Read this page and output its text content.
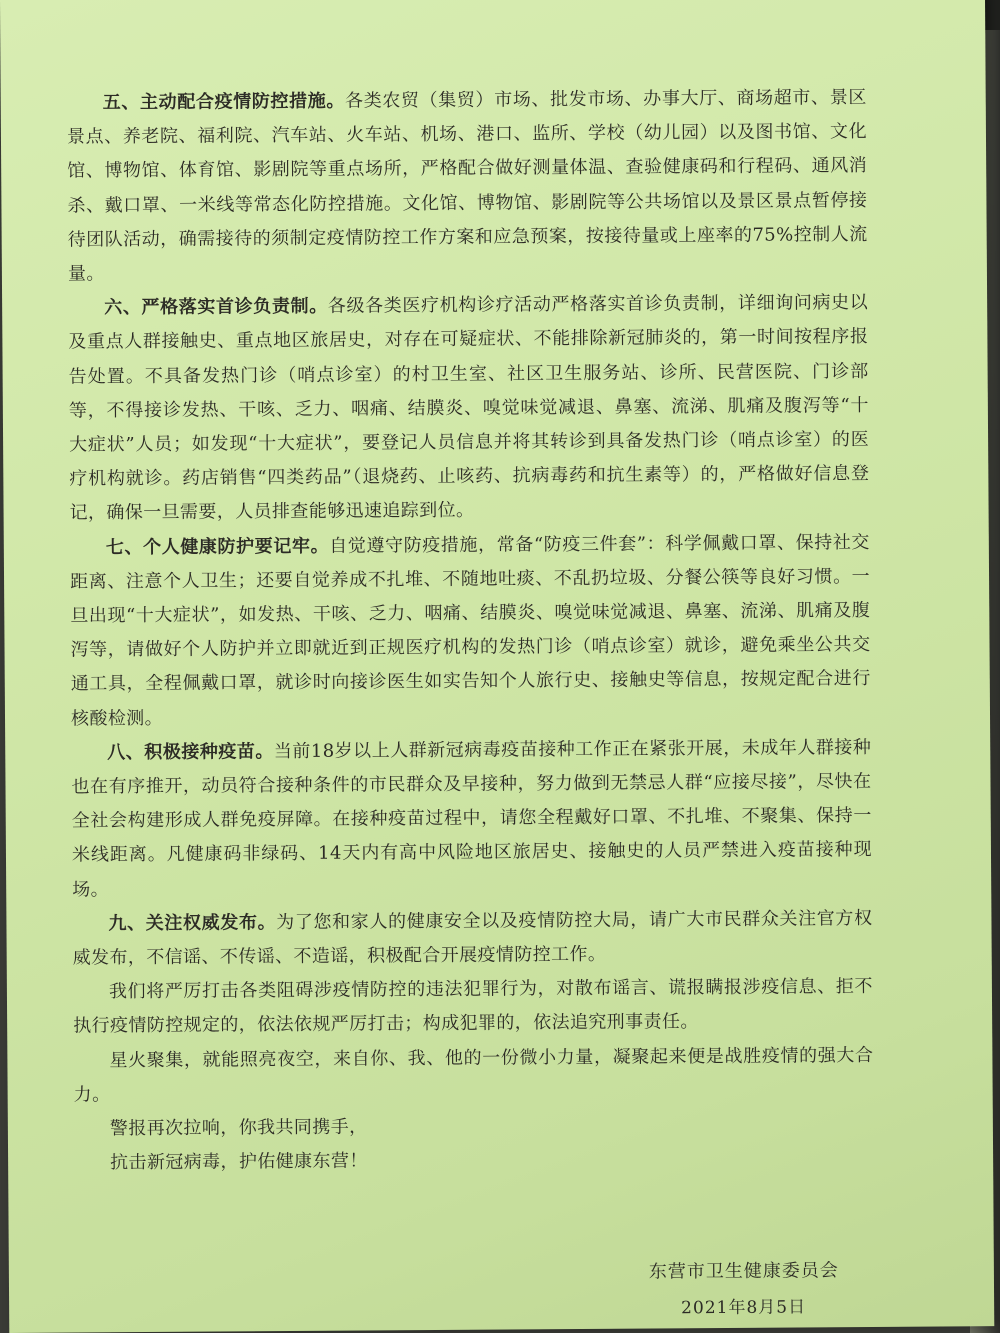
五、主动配合疫情防控措施。各类农贸（集贸）市场、批发市场、办事大厅、商场超市、景区景点、养老院、福利院、汽车站、火车站、机场、港口、监所、学校（幼儿园）以及图书馆、文化馆、博物馆、体育馆、影剧院等重点场所，严格配合做好测量体温、查验健康码和行程码、通风消杀、戴口罩、一米线等常态化防控措施。文化馆、博物馆、影剧院等公共场馆以及景区景点暂停接待团队活动，确需接待的须制定疫情防控工作方案和应急预案，按接待量或上座率的75%控制人流量。

六、严格落实首诊负责制。各级各类医疗机构诊疗活动严格落实首诊负责制，详细询问病史以及重点人群接触史、重点地区旅居史，对存在可疑症状、不能排除新冠肺炎的，第一时间按程序报告处置。不具备发热门诊（哨点诊室）的村卫生室、社区卫生服务站、诊所、民营医院、门诊部等，不得接诊发热、干咳、乏力、咽痛、结膜炎、嗅觉味觉减退、鼻塞、流涕、肌痛及腹泻等“十大症状”人员；如发现“十大症状”，要登记人员信息并将其转诊到具备发热门诊（哨点诊室）的医疗机构就诊。药店销售“四类药品”（退烧药、止咳药、抗病毒药和抗生素等）的，严格做好信息登记，确保一旦需要，人员排查能够迅速追踪到位。

七、个人健康防护要记牢。自觉遵守防疫措施，常备“防疫三件套”：科学佩戴口罩、保持社交距离、注意个人卫生；还要自觉养成不扎堆、不随地吐痰、不乱扔垃圾、分餐公筷等良好习惯。一旦出现“十大症状”，如发热、干咳、乏力、咽痛、结膜炎、嗅觉味觉减退、鼻塞、流涕、肌痛及腹泻等，请做好个人防护并立即就近到正规医疗机构的发热门诊（哨点诊室）就诊，避免乘坐公共交通工具，全程佩戴口罩，就诊时向接诊医生如实告知个人旅行史、接触史等信息，按规定配合进行核酸检测。

八、积极接种疫苗。当前18岁以上人群新冠病毒疫苗接种工作正在紧张开展，未成年人群接种也在有序推开，动员符合接种条件的市民群众及早接种，努力做到无禁忌人群“应接尽接”，尽快在全社会构建形成人群免疫屏障。在接种疫苗过程中，请您全程戴好口罩、不扎堆、不聚集、保持一米线距离。凡健康码非绿码、14天内有高中风险地区旅居史、接触史的人员严禁进入疫苗接种现场。

九、关注权威发布。为了您和家人的健康安全以及疫情防控大局，请广大市民群众关注官方权威发布，不信谣、不传谣、不造谣，积极配合开展疫情防控工作。

我们将严厉打击各类阻碍涉疫情防控的违法犯罪行为，对散布谣言、谎报瞒报涉疫信息、拒不执行疫情防控规定的，依法依规严厉打击；构成犯罪的，依法追究刑事责任。

星火聚集，就能照亮夜空，来自你、我、他的一份微小力量，凝聚起来便是战胜疫情的强大合力。

警报再次拉响，你我共同携手，

抗击新冠病毒，护佑健康东营！

东营市卫生健康委员会
2021年8月5日
